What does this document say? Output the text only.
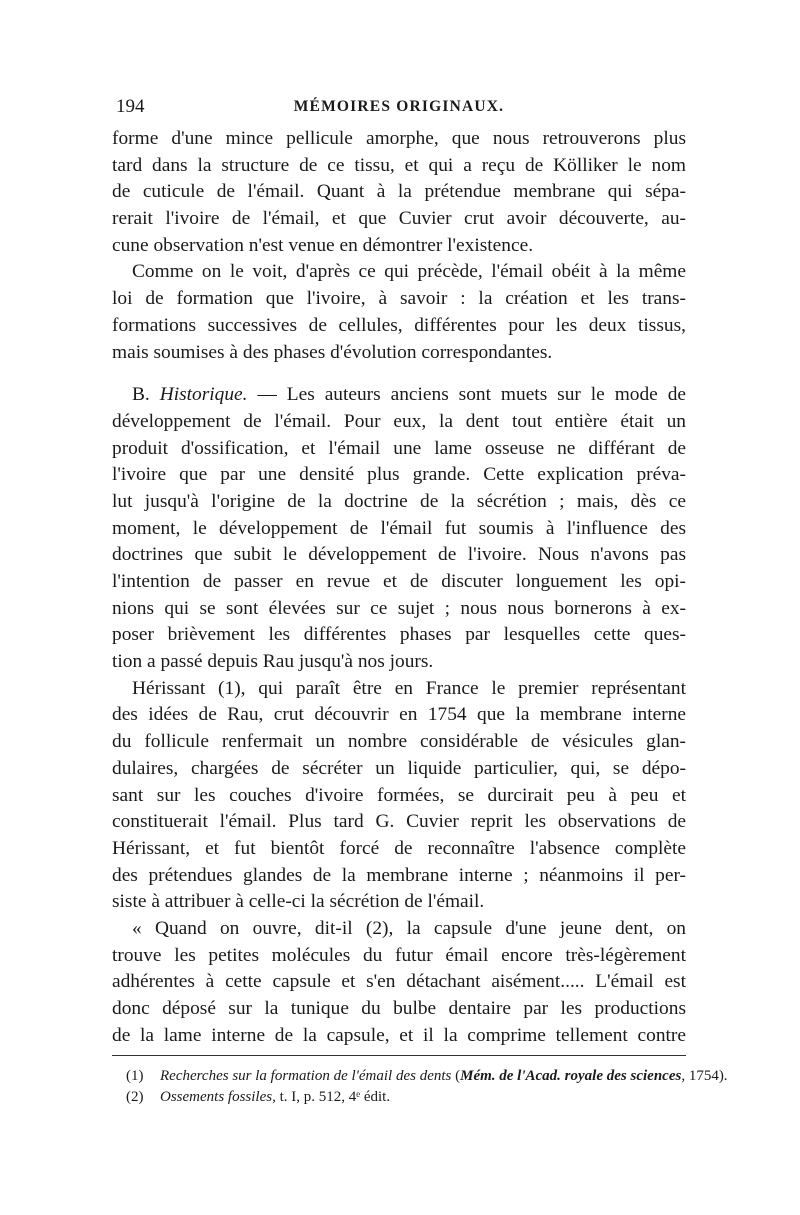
194	MÉMOIRES ORIGINAUX.
forme d'une mince pellicule amorphe, que nous retrouverons plus
tard dans la structure de ce tissu, et qui a reçu de Kölliker le nom
de cuticule de l'émail. Quant à la prétendue membrane qui sépa-
rerait l'ivoire de l'émail, et que Cuvier crut avoir découverte, au-
cune observation n'est venue en démontrer l'existence.
Comme on le voit, d'après ce qui précède, l'émail obéit à la même
loi de formation que l'ivoire, à savoir : la création et les trans-
formations successives de cellules, différentes pour les deux tissus,
mais soumises à des phases d'évolution correspondantes.
B. Historique. — Les auteurs anciens sont muets sur le mode de
développement de l'émail. Pour eux, la dent tout entière était un
produit d'ossification, et l'émail une lame osseuse ne différant de
l'ivoire que par une densité plus grande. Cette explication préva-
lut jusqu'à l'origine de la doctrine de la sécrétion ; mais, dès ce
moment, le développement de l'émail fut soumis à l'influence des
doctrines que subit le développement de l'ivoire. Nous n'avons pas
l'intention de passer en revue et de discuter longuement les opi-
nions qui se sont élevées sur ce sujet ; nous nous bornerons à ex-
poser brièvement les différentes phases par lesquelles cette ques-
tion a passé depuis Rau jusqu'à nos jours.
Hérissant (1), qui paraît être en France le premier représentant
des idées de Rau, crut découvrir en 1754 que la membrane interne
du follicule renfermait un nombre considérable de vésicules glan-
dulaires, chargées de sécréter un liquide particulier, qui, se dépo-
sant sur les couches d'ivoire formées, se durcirait peu à peu et
constituerait l'émail. Plus tard G. Cuvier reprit les observations de
Hérissant, et fut bientôt forcé de reconnaître l'absence complète
des prétendues glandes de la membrane interne ; néanmoins il per-
siste à attribuer à celle-ci la sécrétion de l'émail.
« Quand on ouvre, dit-il (2), la capsule d'une jeune dent, on
trouve les petites molécules du futur émail encore très-légèrement
adhérentes à cette capsule et s'en détachant aisément..... L'émail est
donc déposé sur la tunique du bulbe dentaire par les productions
de la lame interne de la capsule, et il la comprime tellement contre
(1) Recherches sur la formation de l'émail des dents (Mém. de l'Acad. royale des sciences, 1754).
(2) Ossements fossiles, t. I, p. 512, 4ᵉ édit.
